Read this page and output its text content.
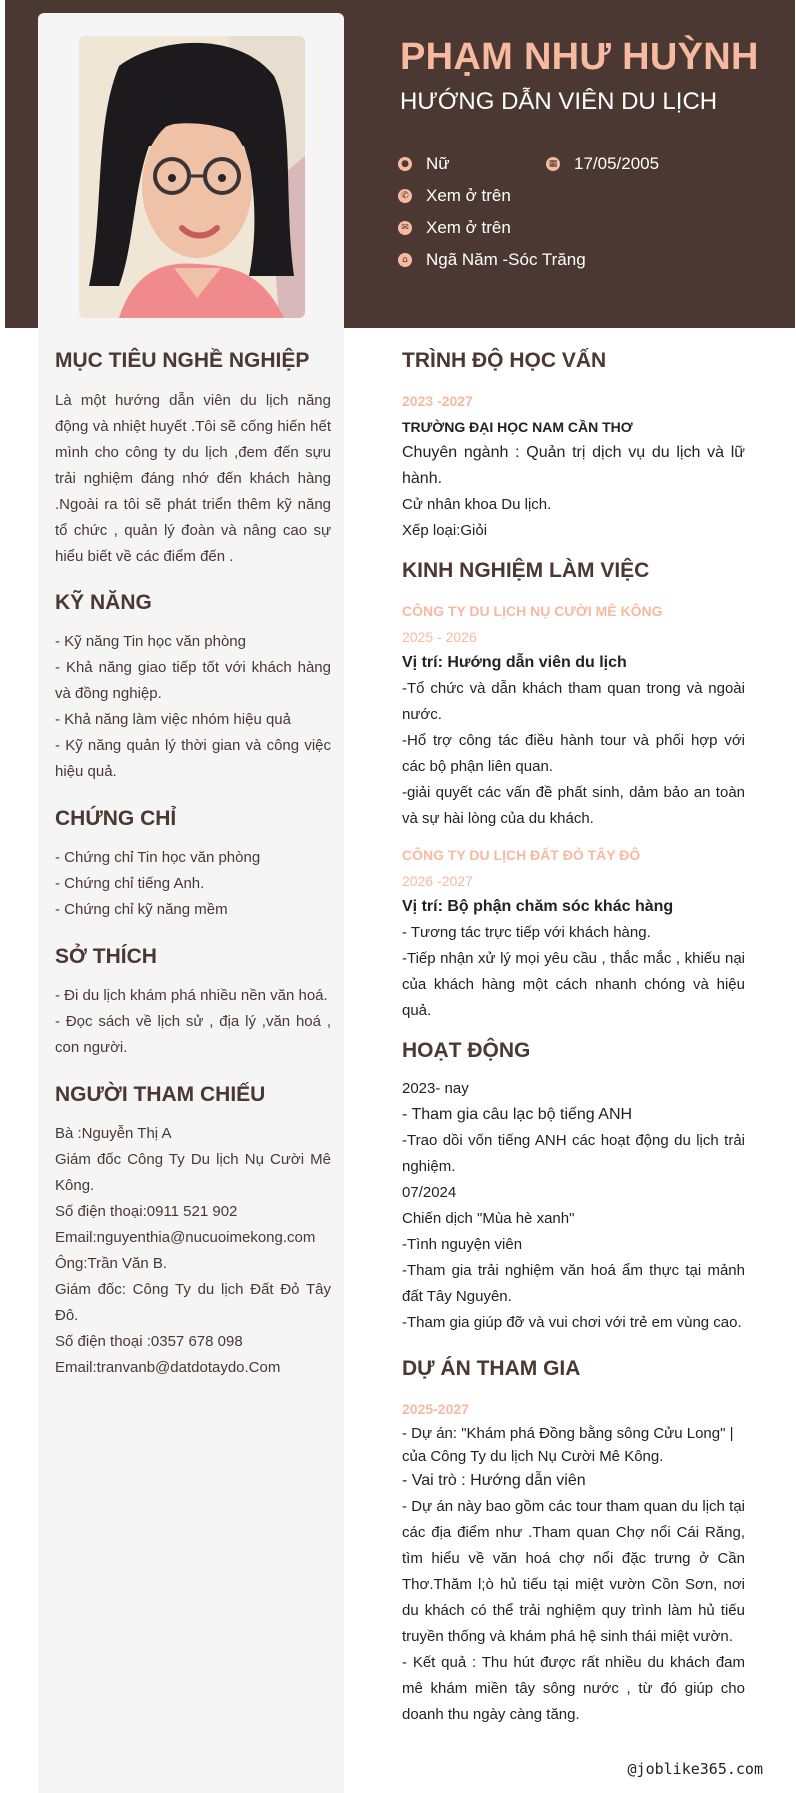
PHẠM NHƯ HUỲNH
HƯỚNG DẪN VIÊN DU LỊCH
● Nữ	▦ 17/05/2005
✆ Xem ở trên
✉ Xem ở trên
⌂ Ngã Năm -Sóc Trăng
MỤC TIÊU NGHỀ NGHIỆP

Là một hướng dẫn viên du lịch năng động và nhiệt huyết .Tôi sẽ cống hiến hết mình cho công ty du lịch ,đem đến sựu trải nghiệm đáng nhớ đến khách hàng .Ngoài ra tôi sẽ phát triển thêm kỹ năng tổ chức , quản lý đoàn và nâng cao sự hiểu biết về các điểm đến .

KỸ NĂNG

- Kỹ năng Tin học văn phòng

- Khả năng giao tiếp tốt với khách hàng và đồng nghiệp.

- Khả năng làm việc nhóm hiệu quả

- Kỹ năng quản lý thời gian và công việc hiệu quả.

CHỨNG CHỈ

- Chứng chỉ Tin học văn phòng

- Chứng chỉ tiếng Anh.

- Chứng chỉ kỹ năng mềm

SỞ THÍCH

- Đi du lịch khám phá nhiều nền văn hoá.

- Đọc sách về lịch sử , địa lý ,văn hoá , con người.

NGƯỜI THAM CHIẾU

Bà :Nguyễn Thị A

Giám đốc Công Ty Du lịch Nụ Cười Mê Kông.

Số điện thoại:0911 521 902

Email:nguyenthia@nucuoimekong.com

Ông:Trần Văn B.

Giám đốc: Công Ty du lịch Đất Đỏ Tây Đô.

Số điện thoại :0357 678 098

Email:tranvanb@datdotaydo.Com

TRÌNH ĐỘ HỌC VẤN

2023 -2027

TRƯỜNG ĐẠI HỌC NAM CẦN THƠ

Chuyên ngành : Quản trị dịch vụ du lịch và lữ hành.

Cử nhân khoa Du lịch.

Xếp loại:Giỏi

KINH NGHIỆM LÀM VIỆC

CÔNG TY DU LỊCH NỤ CƯỜI MÊ KÔNG

2025 - 2026

Vị trí: Hướng dẫn viên du lịch

-Tổ chức và dẫn khách tham quan trong và ngoài nước.

-Hổ trợ công tác điều hành tour và phối hợp với các bộ phận liên quan.

-giải quyết các vấn đề phất sinh, dảm bảo an toàn và sự hài lòng của du khách.

CÔNG TY DU LỊCH ĐẤT ĐỎ TÂY ĐÔ

2026 -2027

Vị trí: Bộ phận chăm sóc khác hàng

- Tương tác trực tiếp với khách hàng.

-Tiếp nhận xử lý mọi yêu cầu , thắc mắc , khiếu nại của khách hàng một cách nhanh chóng và hiệu quả.

HOẠT ĐỘNG

2023- nay

- Tham gia câu lạc bộ tiếng ANH

-Trao dồi vốn tiếng ANH các hoạt động du lịch trải nghiệm.

07/2024

Chiến dịch "Mùa hè xanh"

-Tình nguyện viên

-Tham gia trải nghiệm văn hoá ẩm thực tại mảnh đất Tây Nguyên.

-Tham gia giúp đỡ và vui chơi với trẻ em vùng cao.

DỰ ÁN THAM GIA

2025-2027

- Dự án: "Khám phá Đồng bằng sông Cửu Long" | của Công Ty du lịch Nụ Cười Mê Kông.

- Vai trò : Hướng dẫn viên

- Dự án này bao gồm các tour tham quan du lịch tại các địa điểm như .Tham quan Chợ nổi Cái Răng, tìm hiểu về văn hoá chợ nổi đặc trưng ở Cần Thơ.Thăm l;ò hủ tiếu tại miệt vườn Cồn Sơn, nơi du khách có thể trải nghiệm quy trình làm hủ tiếu truyền thống và khám phá hệ sinh thái miệt vườn.

- Kết quả : Thu hút được rất nhiều du khách đam mê khám miền tây sông nước , từ đó giúp cho doanh thu ngày càng tăng.

@joblike365.com
